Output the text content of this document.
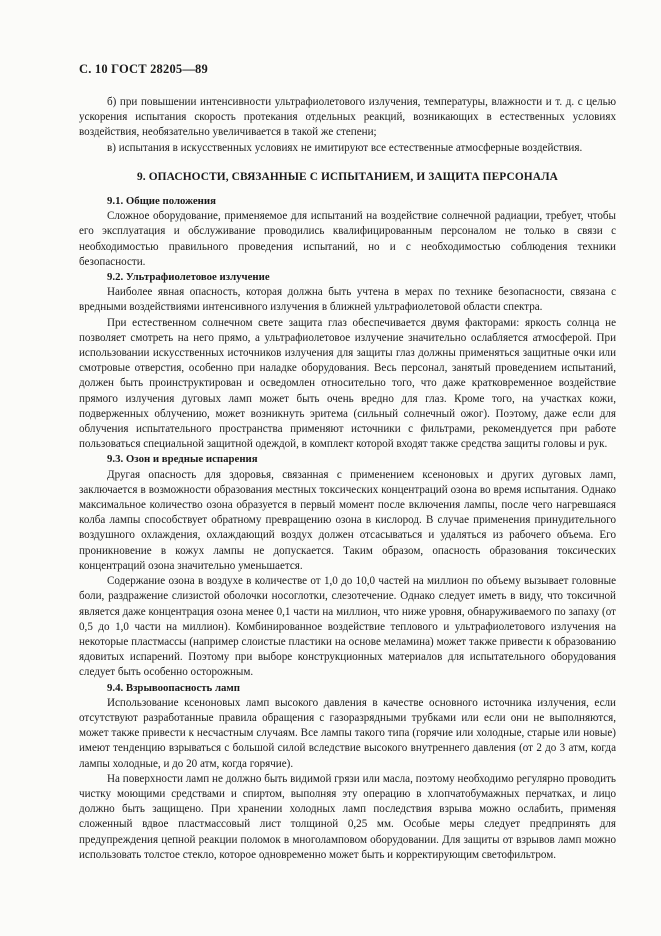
С. 10 ГОСТ 28205—89

б) при повышении интенсивности ультрафиолетового излучения, температуры, влажности и т. д. с целью ускорения испытания скорость протекания отдельных реакций, возникающих в естественных условиях воздействия, необязательно увеличивается в такой же степени;

в) испытания в искусственных условиях не имитируют все естественные атмосферные воздействия.

9. ОПАСНОСТИ, СВЯЗАННЫЕ С ИСПЫТАНИЕМ, И ЗАЩИТА ПЕРСОНАЛА
9.1. Общие положения

Сложное оборудование, применяемое для испытаний на воздействие солнечной радиации, требует, чтобы его эксплуатация и обслуживание проводились квалифицированным персоналом не только в связи с необходимостью правильного проведения испытаний, но и с необходимостью соблюдения техники безопасности.

9.2. Ультрафиолетовое излучение

Наиболее явная опасность, которая должна быть учтена в мерах по технике безопасности, связана с вредными воздействиями интенсивного излучения в ближней ультрафиолетовой области спектра.

При естественном солнечном свете защита глаз обеспечивается двумя факторами: яркость солнца не позволяет смотреть на него прямо, а ультрафиолетовое излучение значительно ослабляется атмосферой. При использовании искусственных источников излучения для защиты глаз должны применяться защитные очки или смотровые отверстия, особенно при наладке оборудования. Весь персонал, занятый проведением испытаний, должен быть проинструктирован и осведомлен относительно того, что даже кратковременное воздействие прямого излучения дуговых ламп может быть очень вредно для глаз. Кроме того, на участках кожи, подверженных облучению, может возникнуть эритема (сильный солнечный ожог). Поэтому, даже если для облучения испытательного пространства применяют источники с фильтрами, рекомендуется при работе пользоваться специальной защитной одеждой, в комплект которой входят также средства защиты головы и рук.

9.3. Озон и вредные испарения

Другая опасность для здоровья, связанная с применением ксеноновых и других дуговых ламп, заключается в возможности образования местных токсических концентраций озона во время испытания. Однако максимальное количество озона образуется в первый момент после включения лампы, после чего нагревшаяся колба лампы способствует обратному превращению озона в кислород. В случае применения принудительного воздушного охлаждения, охлаждающий воздух должен отсасываться и удаляться из рабочего объема. Его проникновение в кожух лампы не допускается. Таким образом, опасность образования токсических концентраций озона значительно уменьшается.

Содержание озона в воздухе в количестве от 1,0 до 10,0 частей на миллион по объему вызывает головные боли, раздражение слизистой оболочки носоглотки, слезотечение. Однако следует иметь в виду, что токсичной является даже концентрация озона менее 0,1 части на миллион, что ниже уровня, обнаруживаемого по запаху (от 0,5 до 1,0 части на миллион). Комбинированное воздействие теплового и ультрафиолетового излучения на некоторые пластмассы (например слоистые пластики на основе меламина) может также привести к образованию ядовитых испарений. Поэтому при выборе конструкционных материалов для испытательного оборудования следует быть особенно осторожным.

9.4. Взрывоопасность ламп

Использование ксеноновых ламп высокого давления в качестве основного источника излучения, если отсутствуют разработанные правила обращения с газоразрядными трубками или если они не выполняются, может также привести к несчастным случаям. Все лампы такого типа (горячие или холодные, старые или новые) имеют тенденцию взрываться с большой силой вследствие высокого внутреннего давления (от 2 до 3 атм, когда лампы холодные, и до 20 атм, когда горячие).

На поверхности ламп не должно быть видимой грязи или масла, поэтому необходимо регулярно проводить чистку моющими средствами и спиртом, выполняя эту операцию в хлопчатобумажных перчатках, и лицо должно быть защищено. При хранении холодных ламп последствия взрыва можно ослабить, применяя сложенный вдвое пластмассовый лист толщиной 0,25 мм. Особые меры следует предпринять для предупреждения цепной реакции поломок в многоламповом оборудовании. Для защиты от взрывов ламп можно использовать толстое стекло, которое одновременно может быть и корректирующим светофильтром.
